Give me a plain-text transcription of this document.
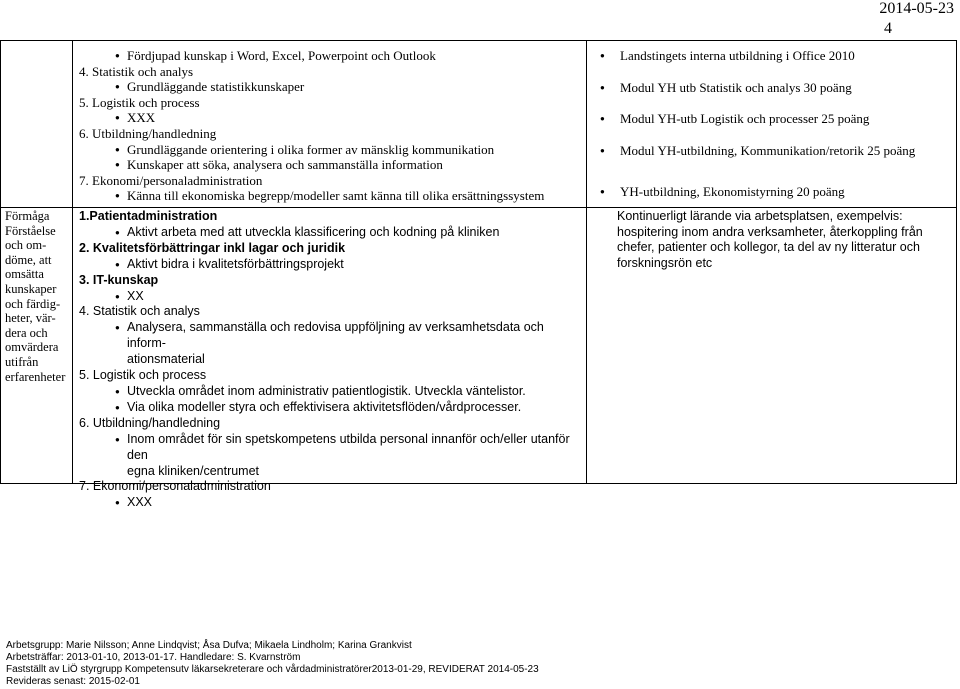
2014-05-23
4
Förmåga
Förståelse
och om-
döme, att
omsätta
kunskaper
och färdig-
heter, vär-
dera och
omvärdera
utifrån
erfarenheter
● Fördjupad kunskap i Word, Excel, Powerpoint och Outlook
4. Statistik och analys
● Grundläggande statistikkunskaper
5. Logistik och process
● XXX
6. Utbildning/handledning
● Grundläggande orientering i olika former av mänsklig kommunikation
● Kunskaper att söka, analysera och sammanställa information
7. Ekonomi/personaladministration
● Känna till ekonomiska begrepp/modeller samt känna till olika ersättningssystem
● Landstingets interna utbildning i Office 2010
● Modul YH utb Statistik och analys 30 poäng
● Modul YH-utb Logistik och processer 25 poäng
● Modul YH-utbildning, Kommunikation/retorik 25 poäng
● YH-utbildning, Ekonomistyrning 20 poäng
1.Patientadministration
● Aktivt arbeta med att utveckla klassificering och kodning på kliniken
2. Kvalitetsförbättringar inkl lagar och juridik
● Aktivt bidra i kvalitetsförbättringsprojekt
3. IT-kunskap
● XX
4. Statistik och analys
● Analysera, sammanställa och redovisa uppföljning av verksamhetsdata och inform-
ationsmaterial
5. Logistik och process
● Utveckla området inom administrativ patientlogistik. Utveckla väntelistor.
● Via olika modeller styra och effektivisera aktivitetsflöden/vårdprocesser.
6. Utbildning/handledning
● Inom området för sin spetskompetens utbilda personal innanför och/eller utanför den
egna kliniken/centrumet
7. Ekonomi/personaladministration
● XXX
Kontinuerligt lärande via arbetsplatsen, exempelvis:
hospitering inom andra verksamheter, återkoppling från
chefer, patienter och kollegor, ta del av ny litteratur och
forskningsrön etc
Arbetsgrupp: Marie Nilsson; Anne Lindqvist; Åsa Dufva; Mikaela Lindholm; Karina Grankvist
Arbetsträffar: 2013-01-10, 2013-01-17. Handledare: S. Kvarnström
Fastställt av LiÖ styrgrupp Kompetensutv läkarsekreterare och vårdadministratörer2013-01-29, REVIDERAT 2014-05-23
Revideras senast: 2015-02-01
